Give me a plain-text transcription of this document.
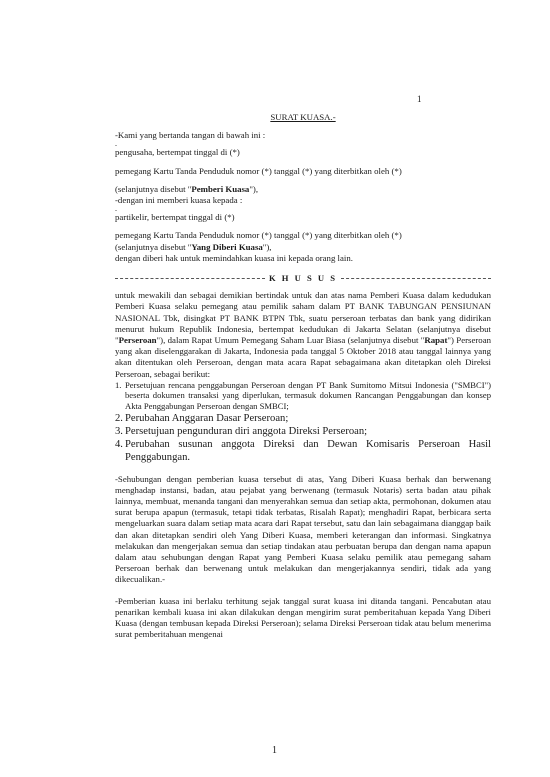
1
SURAT KUASA.-
-Kami yang bertanda tangan di bawah ini :
.
pengusaha, bertempat tinggal di (*)
pemegang Kartu Tanda Penduduk nomor (*) tanggal (*) yang diterbitkan oleh (*)
(selanjutnya disebut "Pemberi Kuasa"),
-dengan ini memberi kuasa kepada :
.
partikelir, bertempat tinggal di (*)
pemegang Kartu Tanda Penduduk nomor (*) tanggal (*) yang diterbitkan oleh (*)
(selanjutnya disebut "Yang Diberi Kuasa"),
dengan diberi hak untuk memindahkan kuasa ini kepada orang lain.
K H U S U S
untuk mewakili dan sebagai demikian bertindak untuk dan atas nama Pemberi Kuasa dalam kedudukan Pemberi Kuasa selaku pemegang atau pemilik saham dalam PT BANK TABUNGAN PENSIUNAN NASIONAL Tbk, disingkat PT BANK BTPN Tbk, suatu perseroan terbatas dan bank yang didirikan menurut hukum Republik Indonesia, bertempat kedudukan di Jakarta Selatan (selanjutnya disebut "Perseroan"), dalam Rapat Umum Pemegang Saham Luar Biasa (selanjutnya disebut "Rapat") Perseroan yang akan diselenggarakan di Jakarta, Indonesia pada tanggal 5 Oktober 2018 atau tanggal lainnya yang akan ditentukan oleh Perseroan, dengan mata acara Rapat sebagaimana akan ditetapkan oleh Direksi Perseroan, sebagai berikut:
1. Persetujuan rencana penggabungan Perseroan dengan PT Bank Sumitomo Mitsui Indonesia ("SMBCI") beserta dokumen transaksi yang diperlukan, termasuk dokumen Rancangan Penggabungan dan konsep Akta Penggabungan Perseroan dengan SMBCI;
2. Perubahan Anggaran Dasar Perseroan;
3. Persetujuan pengunduran diri anggota Direksi Perseroan;
4. Perubahan susunan anggota Direksi dan Dewan Komisaris Perseroan Hasil Penggabungan.
-Sehubungan dengan pemberian kuasa tersebut di atas, Yang Diberi Kuasa berhak dan berwenang menghadap instansi, badan, atau pejabat yang berwenang (termasuk Notaris) serta badan atau pihak lainnya, membuat, menanda tangani dan menyerahkan semua dan setiap akta, permohonan, dokumen atau surat berupa apapun (termasuk, tetapi tidak terbatas, Risalah Rapat); menghadiri Rapat, berbicara serta mengeluarkan suara dalam setiap mata acara dari Rapat tersebut, satu dan lain sebagaimana dianggap baik dan akan ditetapkan sendiri oleh Yang Diberi Kuasa, memberi keterangan dan informasi. Singkatnya melakukan dan mengerjakan semua dan setiap tindakan atau perbuatan berupa dan dengan nama apapun dalam atau sehubungan dengan Rapat yang Pemberi Kuasa selaku pemilik atau pemegang saham Perseroan berhak dan berwenang untuk melakukan dan mengerjakannya sendiri, tidak ada yang dikecualikan.-
-Pemberian kuasa ini berlaku terhitung sejak tanggal surat kuasa ini ditanda tangani. Pencabutan atau penarikan kembali kuasa ini akan dilakukan dengan mengirim surat pemberitahuan kepada Yang Diberi Kuasa (dengan tembusan kepada Direksi Perseroan); selama Direksi Perseroan tidak atau belum menerima surat pemberitahuan mengenai
1
